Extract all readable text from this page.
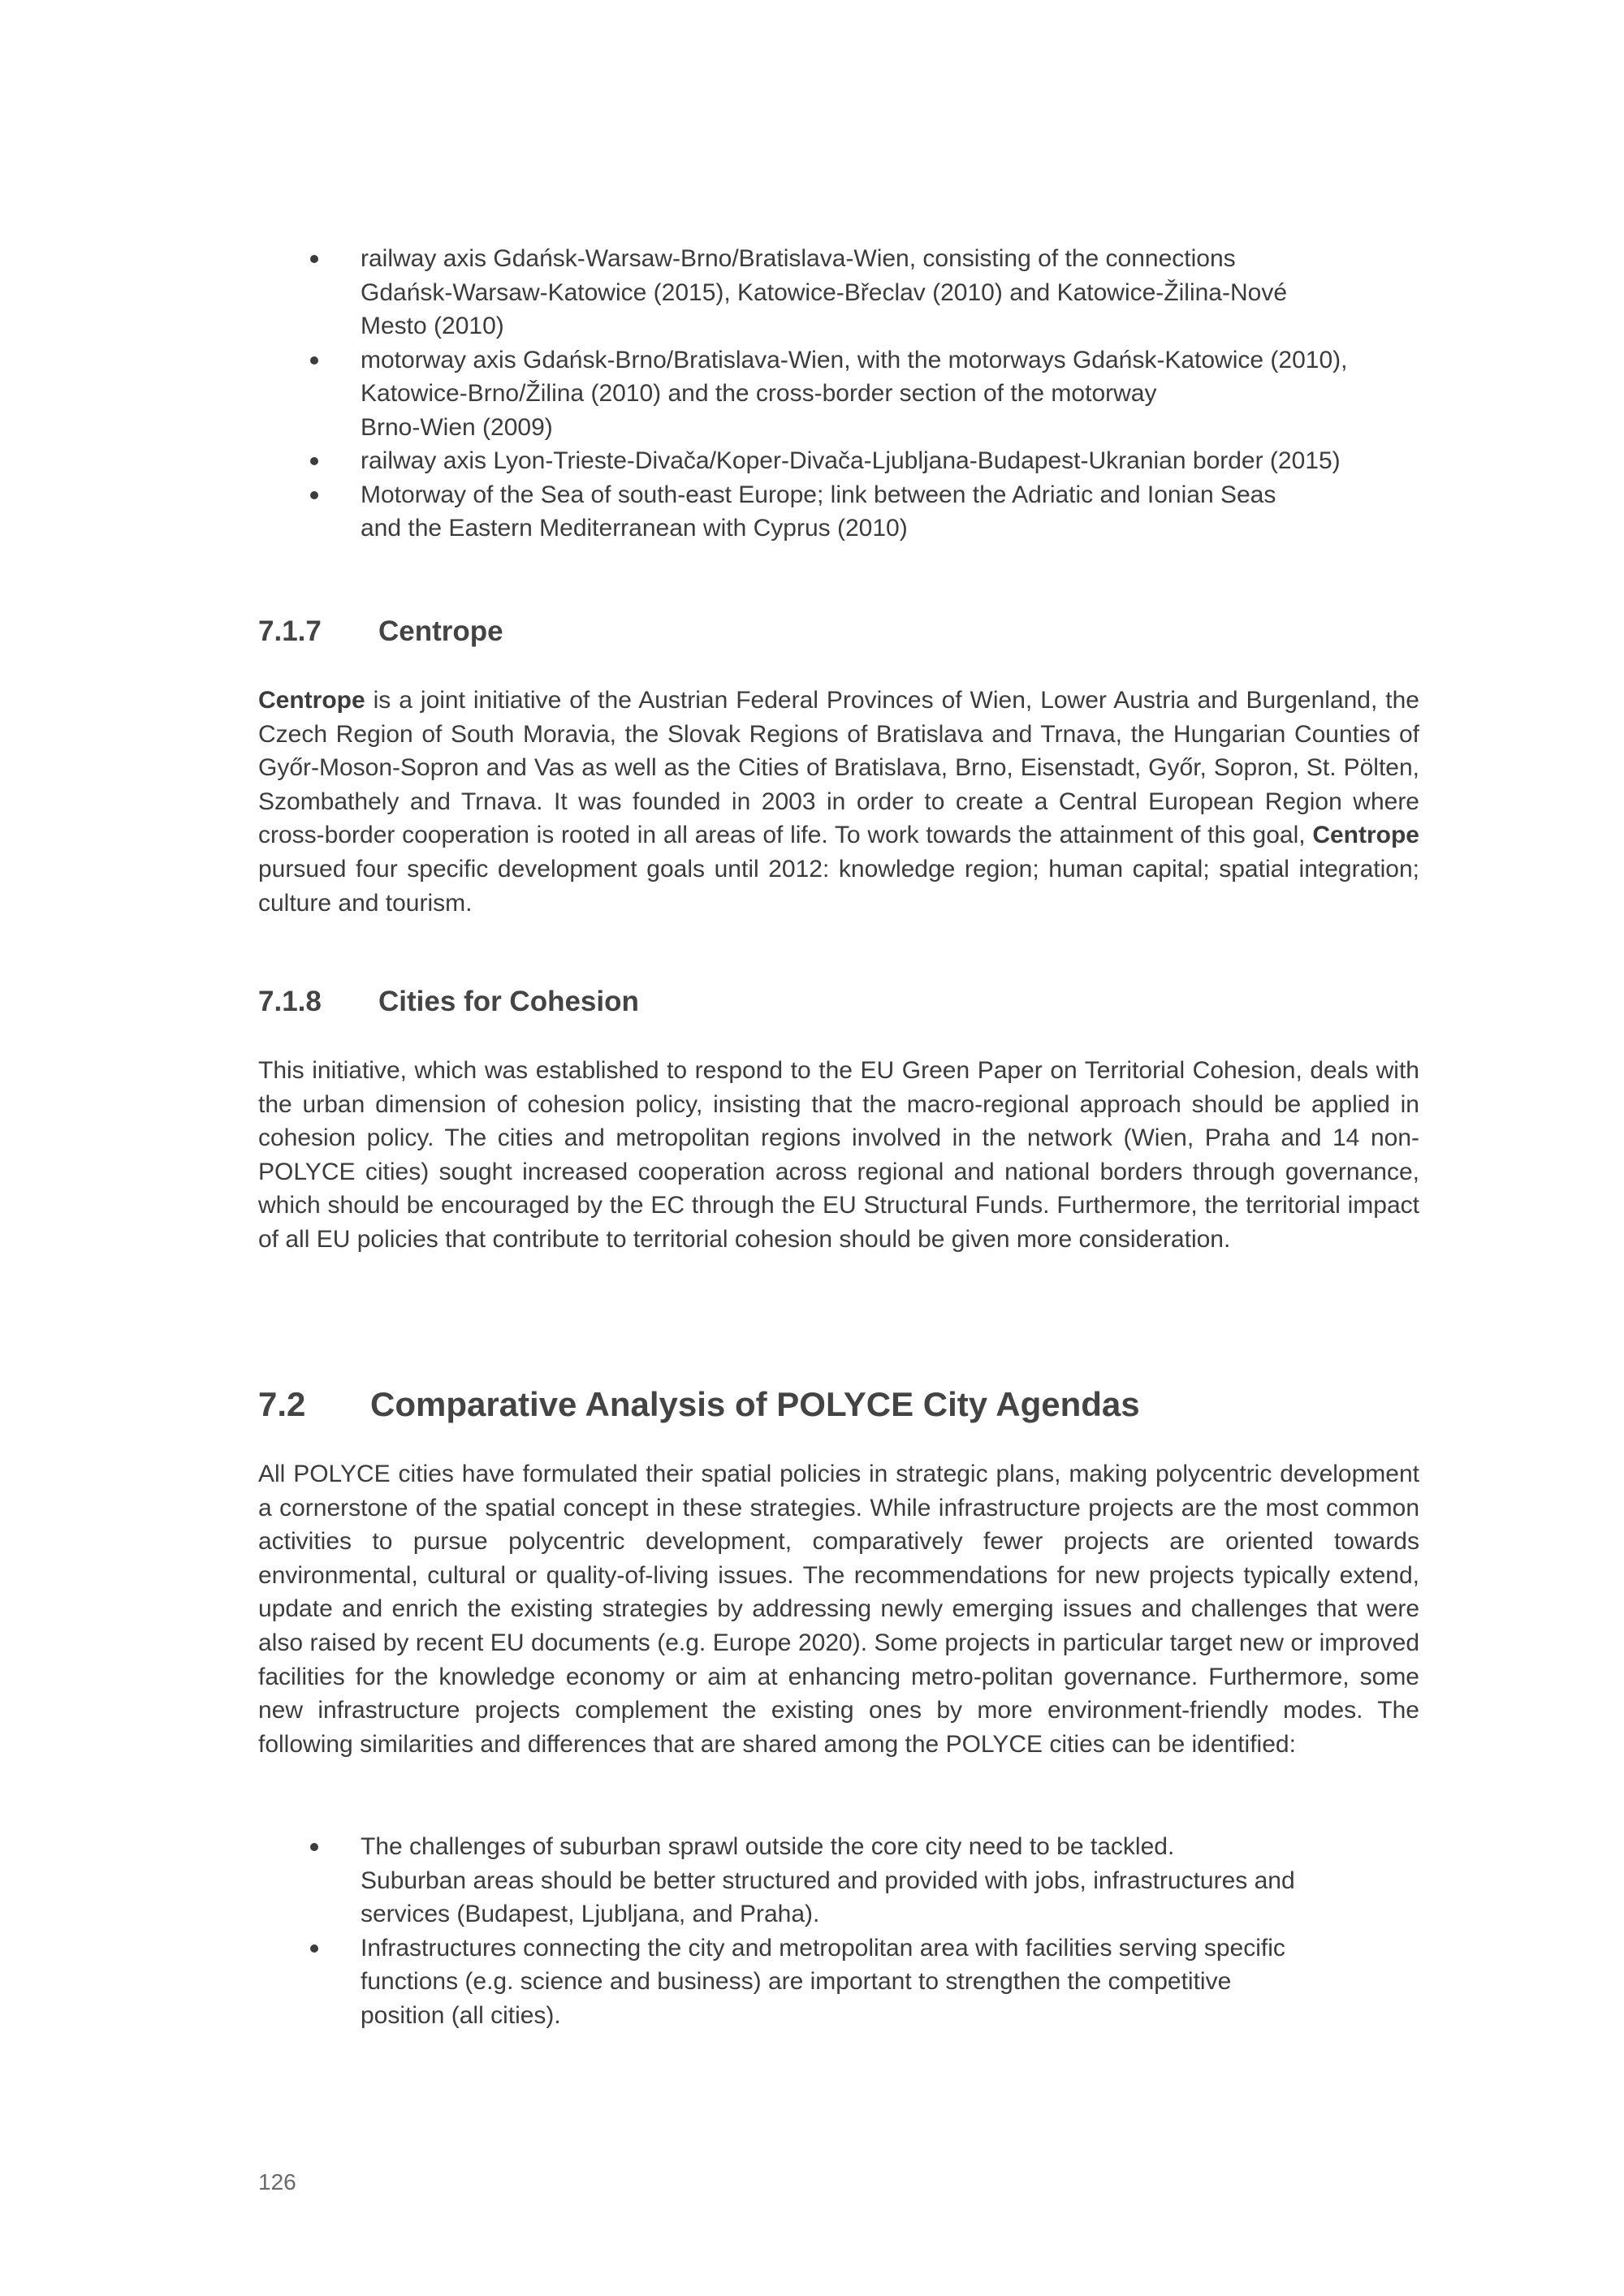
railway axis Gdańsk-Warsaw-Brno/Bratislava-Wien, consisting of the connections
Gdańsk-Warsaw-Katowice (2015), Katowice-Břeclav (2010) and Katowice-Žilina-Nové
Mesto (2010)
motorway axis Gdańsk-Brno/Bratislava-Wien, with the motorways Gdańsk-Katowice (2010),
Katowice-Brno/Žilina (2010) and the cross-border section of the motorway
Brno-Wien (2009)
railway axis Lyon-Trieste-Divača/Koper-Divača-Ljubljana-Budapest-Ukranian border (2015)
Motorway of the Sea of south-east Europe; link between the Adriatic and Ionian Seas
and the Eastern Mediterranean with Cyprus (2010)
7.1.7 Centrope

Centrope is a joint initiative of the Austrian Federal Provinces of Wien, Lower Austria and Burgenland, the Czech Region of South Moravia, the Slovak Regions of Bratislava and Trnava, the Hungarian Counties of Győr-Moson-Sopron and Vas as well as the Cities of Bratislava, Brno, Eisenstadt, Győr, Sopron, St. Pölten, Szombathely and Trnava. It was founded in 2003 in order to create a Central European Region where cross-border cooperation is rooted in all areas of life. To work towards the attainment of this goal, Centrope pursued four specific development goals until 2012: knowledge region; human capital; spatial integration; culture and tourism.

7.1.8 Cities for Cohesion

This initiative, which was established to respond to the EU Green Paper on Territorial Cohesion, deals with the urban dimension of cohesion policy, insisting that the macro-regional approach should be applied in cohesion policy. The cities and metropolitan regions involved in the network (Wien, Praha and 14 non-POLYCE cities) sought increased cooperation across regional and national borders through governance, which should be encouraged by the EC through the EU Structural Funds. Furthermore, the territorial impact of all EU policies that contribute to territorial cohesion should be given more consideration.

7.2 Comparative Analysis of POLYCE City Agendas

All POLYCE cities have formulated their spatial policies in strategic plans, making polycentric development a cornerstone of the spatial concept in these strategies. While infrastructure projects are the most common activities to pursue polycentric development, comparatively fewer projects are oriented towards environmental, cultural or quality-of-living issues. The recommendations for new projects typically extend, update and enrich the existing strategies by addressing newly emerging issues and challenges that were also raised by recent EU documents (e.g. Europe 2020). Some projects in particular target new or improved facilities for the knowledge economy or aim at enhancing metro-politan governance. Furthermore, some new infrastructure projects complement the existing ones by more environment-friendly modes. The following similarities and differences that are shared among the POLYCE cities can be identified:

The challenges of suburban sprawl outside the core city need to be tackled.
Suburban areas should be better structured and provided with jobs, infrastructures and
services (Budapest, Ljubljana, and Praha).
Infrastructures connecting the city and metropolitan area with facilities serving specific
functions (e.g. science and business) are important to strengthen the competitive
position (all cities).
126
